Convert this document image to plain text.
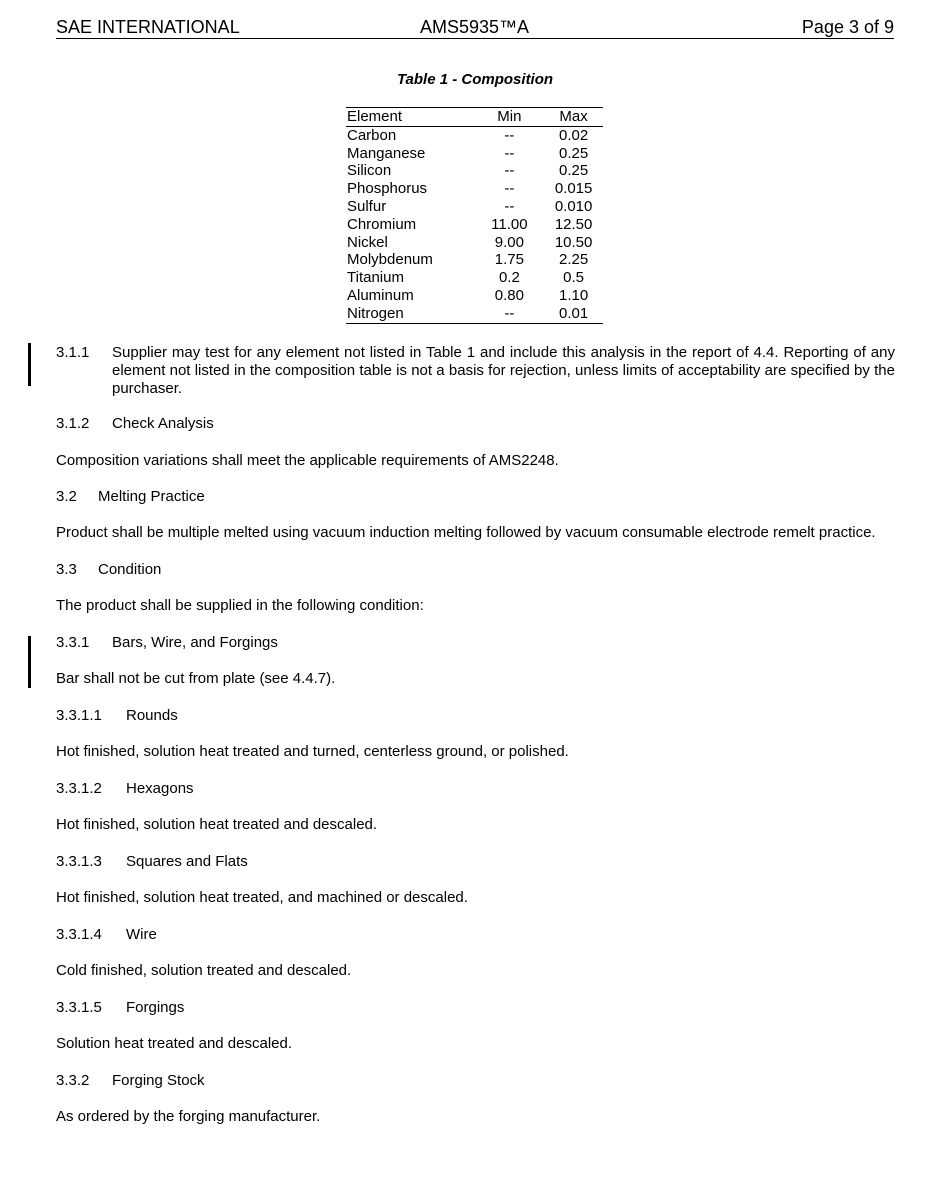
SAE INTERNATIONAL	AMS5935™A	Page 3 of 9
Table 1 - Composition
Element	Min	Max
Carbon	--	0.02
Manganese	--	0.25
Silicon	--	0.25
Phosphorus	--	0.015
Sulfur	--	0.010
Chromium	11.00	12.50
Nickel	9.00	10.50
Molybdenum	1.75	2.25
Titanium	0.2	0.5
Aluminum	0.80	1.10
Nitrogen	--	0.01
3.1.1 Supplier may test for any element not listed in Table 1 and include this analysis in the report of 4.4. Reporting of any element not listed in the composition table is not a basis for rejection, unless limits of acceptability are specified by the purchaser.
3.1.2 Check Analysis
Composition variations shall meet the applicable requirements of AMS2248.
3.2 Melting Practice
Product shall be multiple melted using vacuum induction melting followed by vacuum consumable electrode remelt practice.
3.3 Condition
The product shall be supplied in the following condition:
3.3.1 Bars, Wire, and Forgings
Bar shall not be cut from plate (see 4.4.7).
3.3.1.1 Rounds
Hot finished, solution heat treated and turned, centerless ground, or polished.
3.3.1.2 Hexagons
Hot finished, solution heat treated and descaled.
3.3.1.3 Squares and Flats
Hot finished, solution heat treated, and machined or descaled.
3.3.1.4 Wire
Cold finished, solution treated and descaled.
3.3.1.5 Forgings
Solution heat treated and descaled.
3.3.2 Forging Stock
As ordered by the forging manufacturer.
